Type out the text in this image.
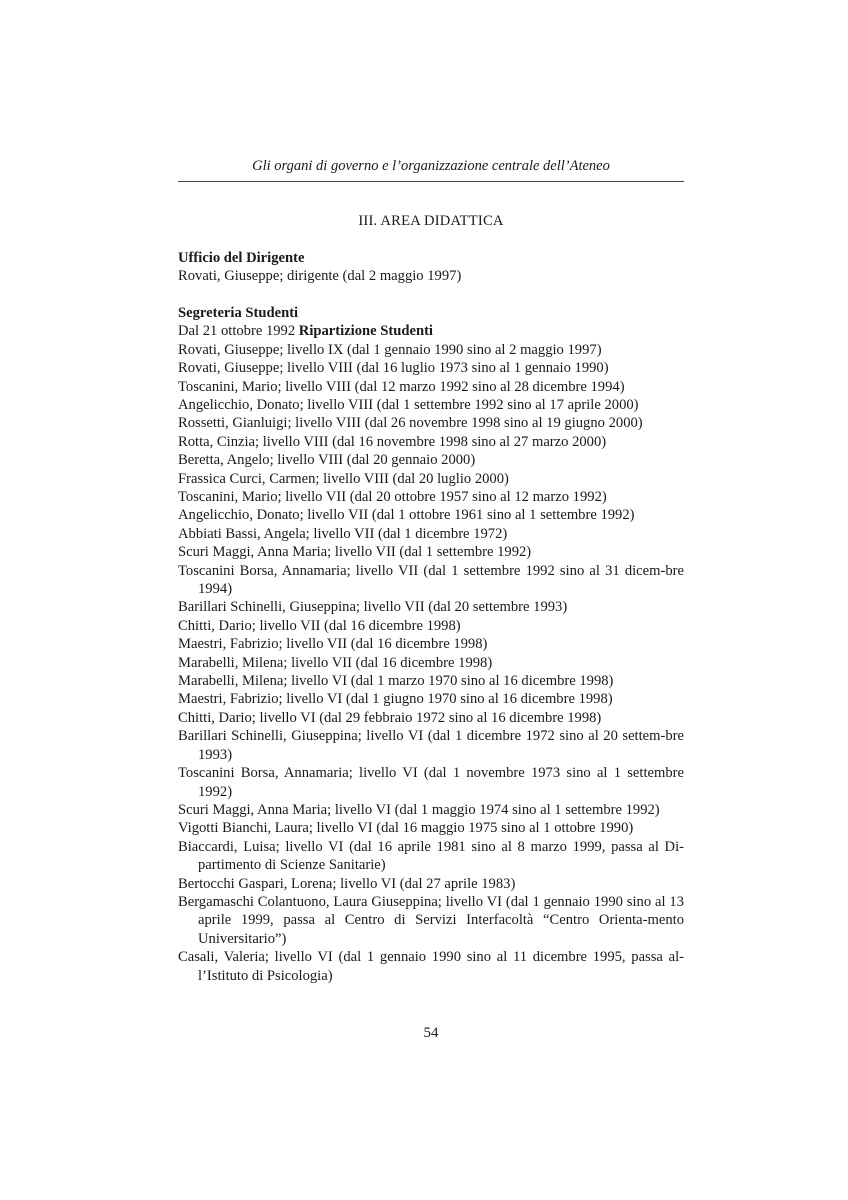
Gli organi di governo e l’organizzazione centrale dell’Ateneo
III. AREA DIDATTICA
Ufficio del Dirigente
Rovati, Giuseppe; dirigente (dal 2 maggio 1997)
Segreteria Studenti
Dal 21 ottobre 1992 Ripartizione Studenti
Rovati, Giuseppe; livello IX (dal 1 gennaio 1990 sino al 2 maggio 1997)
Rovati, Giuseppe; livello VIII (dal 16 luglio 1973 sino al 1 gennaio 1990)
Toscanini, Mario; livello VIII (dal 12 marzo 1992 sino al 28 dicembre 1994)
Angelicchio, Donato; livello VIII (dal 1 settembre 1992 sino al 17 aprile 2000)
Rossetti, Gianluigi; livello VIII (dal 26 novembre 1998 sino al 19 giugno 2000)
Rotta, Cinzia; livello VIII (dal 16 novembre 1998 sino al 27 marzo 2000)
Beretta, Angelo; livello VIII (dal 20 gennaio 2000)
Frassica Curci, Carmen; livello VIII (dal 20 luglio 2000)
Toscanini, Mario; livello VII (dal 20 ottobre 1957 sino al 12 marzo 1992)
Angelicchio, Donato; livello VII (dal 1 ottobre 1961 sino al 1 settembre 1992)
Abbiati Bassi, Angela; livello VII (dal 1 dicembre 1972)
Scuri Maggi, Anna Maria; livello VII (dal 1 settembre 1992)
Toscanini Borsa, Annamaria; livello VII (dal 1 settembre 1992 sino al 31 dicem-bre 1994)
Barillari Schinelli, Giuseppina; livello VII (dal 20 settembre 1993)
Chitti, Dario; livello VII (dal 16 dicembre 1998)
Maestri, Fabrizio; livello VII (dal 16 dicembre 1998)
Marabelli, Milena; livello VII (dal 16 dicembre 1998)
Marabelli, Milena; livello VI (dal 1 marzo 1970 sino al 16 dicembre 1998)
Maestri, Fabrizio; livello VI (dal 1 giugno 1970 sino al 16 dicembre 1998)
Chitti, Dario; livello VI (dal 29 febbraio 1972 sino al 16 dicembre 1998)
Barillari Schinelli, Giuseppina; livello VI (dal 1 dicembre 1972 sino al 20 settem-bre 1993)
Toscanini Borsa, Annamaria; livello VI (dal 1 novembre 1973 sino al 1 settembre 1992)
Scuri Maggi, Anna Maria; livello VI (dal 1 maggio 1974 sino al 1 settembre 1992)
Vigotti Bianchi, Laura; livello VI (dal 16 maggio 1975 sino al 1 ottobre 1990)
Biaccardi, Luisa; livello VI (dal 16 aprile 1981 sino al 8 marzo 1999, passa al Di-partimento di Scienze Sanitarie)
Bertocchi Gaspari, Lorena; livello VI (dal 27 aprile 1983)
Bergamaschi Colantuono, Laura Giuseppina; livello VI (dal 1 gennaio 1990 sino al 13 aprile 1999, passa al Centro di Servizi Interfacoltà “Centro Orienta-mento Universitario”)
Casali, Valeria; livello VI (dal 1 gennaio 1990 sino al 11 dicembre 1995, passa al-l’Istituto di Psicologia)
54
